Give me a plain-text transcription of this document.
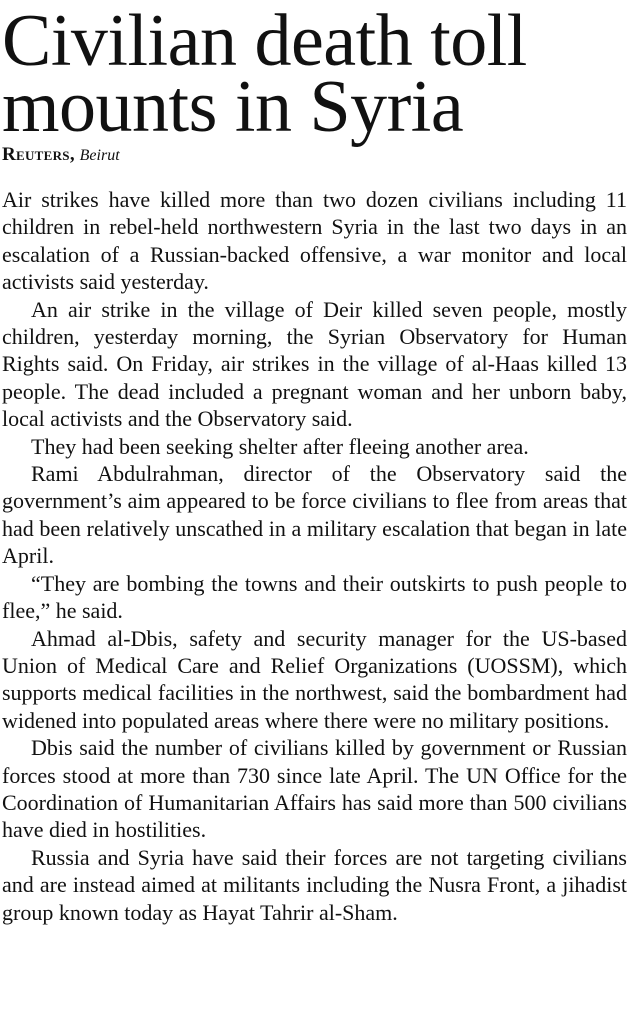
Civilian death toll
mounts in Syria
Reuters, Beirut

Air strikes have killed more than two dozen civilians including 11 children in rebel-held northwestern Syria in the last two days in an escalation of a Russian-backed offensive, a war monitor and local activists said yesterday.

An air strike in the village of Deir killed seven people, mostly children, yesterday morning, the Syrian Observatory for Human Rights said. On Friday, air strikes in the village of al-Haas killed 13 people. The dead included a pregnant woman and her unborn baby, local activists and the Observatory said.

They had been seeking shelter after fleeing another area.

Rami Abdulrahman, director of the Observatory said the government’s aim appeared to be force civilians to flee from areas that had been relatively unscathed in a military escalation that began in late April.

“They are bombing the towns and their outskirts to push people to flee,” he said.

Ahmad al-Dbis, safety and security manager for the US-based Union of Medical Care and Relief Organizations (UOSSM), which supports medical facilities in the northwest, said the bombardment had widened into populated areas where there were no military positions.

Dbis said the number of civilians killed by government or Russian forces stood at more than 730 since late April. The UN Office for the Coordination of Humanitarian Affairs has said more than 500 civilians have died in hostilities.

Russia and Syria have said their forces are not targeting civilians and are instead aimed at militants including the Nusra Front, a jihadist group known today as Hayat Tahrir al-Sham.
